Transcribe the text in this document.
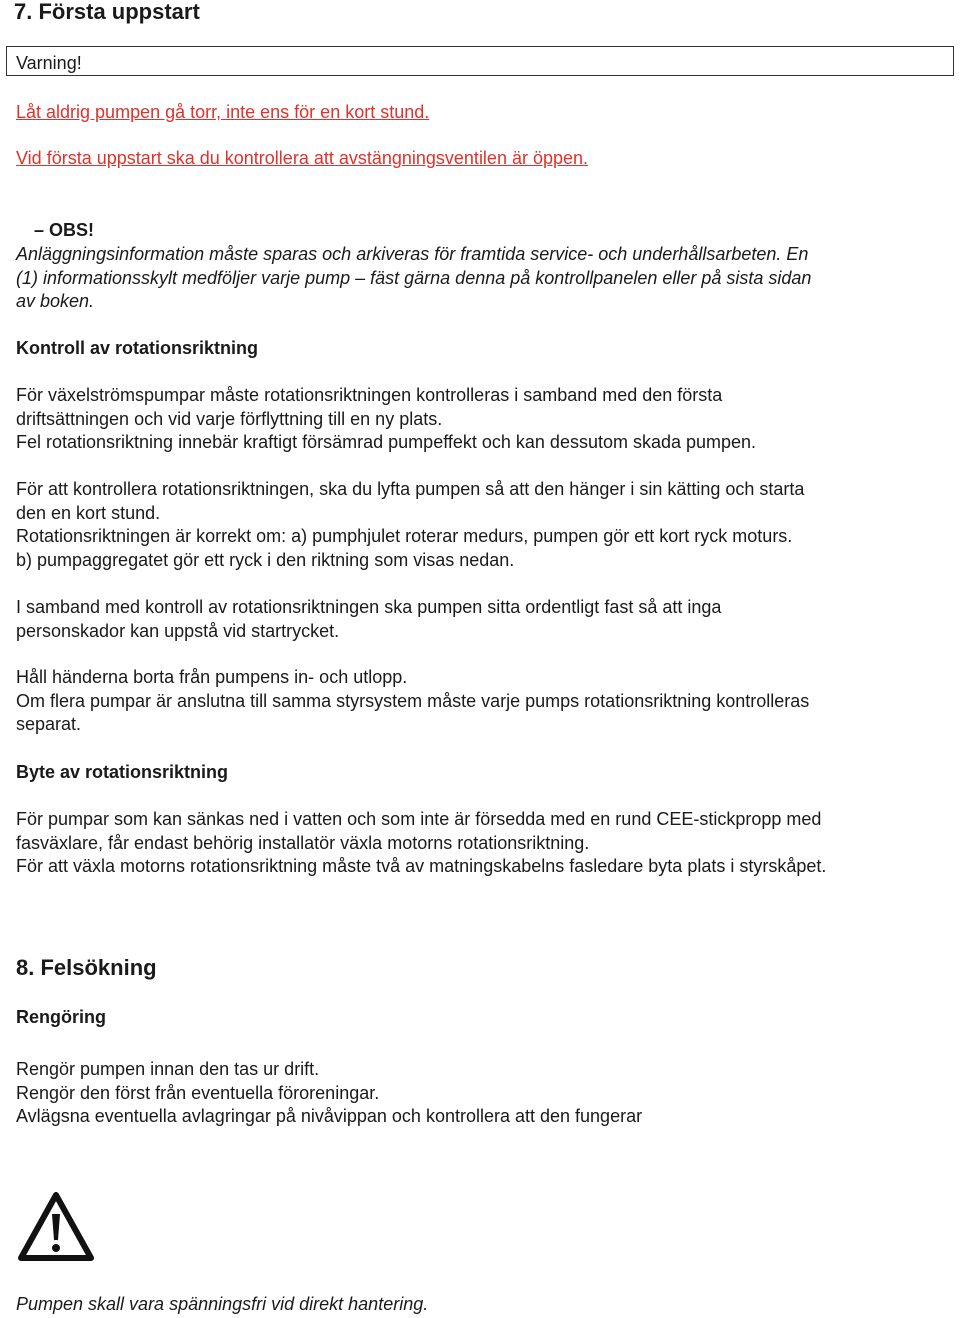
7. Första uppstart
Varning!
Låt aldrig pumpen gå torr, inte ens för en kort stund.
Vid första uppstart ska du kontrollera att avstängningsventilen är öppen.
– OBS!
Anläggningsinformation måste sparas och arkiveras för framtida service- och underhållsarbeten. En
(1) informationsskylt medföljer varje pump – fäst gärna denna på kontrollpanelen eller på sista sidan
av boken.
Kontroll av rotationsriktning
För växelströmspumpar måste rotationsriktningen kontrolleras i samband med den första
driftsättningen och vid varje förflyttning till en ny plats.
Fel rotationsriktning innebär kraftigt försämrad pumpeffekt och kan dessutom skada pumpen.
För att kontrollera rotationsriktningen, ska du lyfta pumpen så att den hänger i sin kätting och starta
den en kort stund.
Rotationsriktningen är korrekt om: a) pumphjulet roterar medurs, pumpen gör ett kort ryck moturs.
b) pumpaggregatet gör ett ryck i den riktning som visas nedan.
I samband med kontroll av rotationsriktningen ska pumpen sitta ordentligt fast så att inga
personskador kan uppstå vid startrycket.
Håll händerna borta från pumpens in- och utlopp.
Om flera pumpar är anslutna till samma styrsystem måste varje pumps rotationsriktning kontrolleras
separat.
Byte av rotationsriktning
För pumpar som kan sänkas ned i vatten och som inte är försedda med en rund CEE-stickpropp med
fasväxlare, får endast behörig installatör växla motorns rotationsriktning.
För att växla motorns rotationsriktning måste två av matningskabelns fasledare byta plats i styrskåpet.
8. Felsökning
Rengöring
Rengör pumpen innan den tas ur drift.
Rengör den först från eventuella föroreningar.
Avlägsna eventuella avlagringar på nivåvippan och kontrollera att den fungerar
Pumpen skall vara spänningsfri vid direkt hantering.
